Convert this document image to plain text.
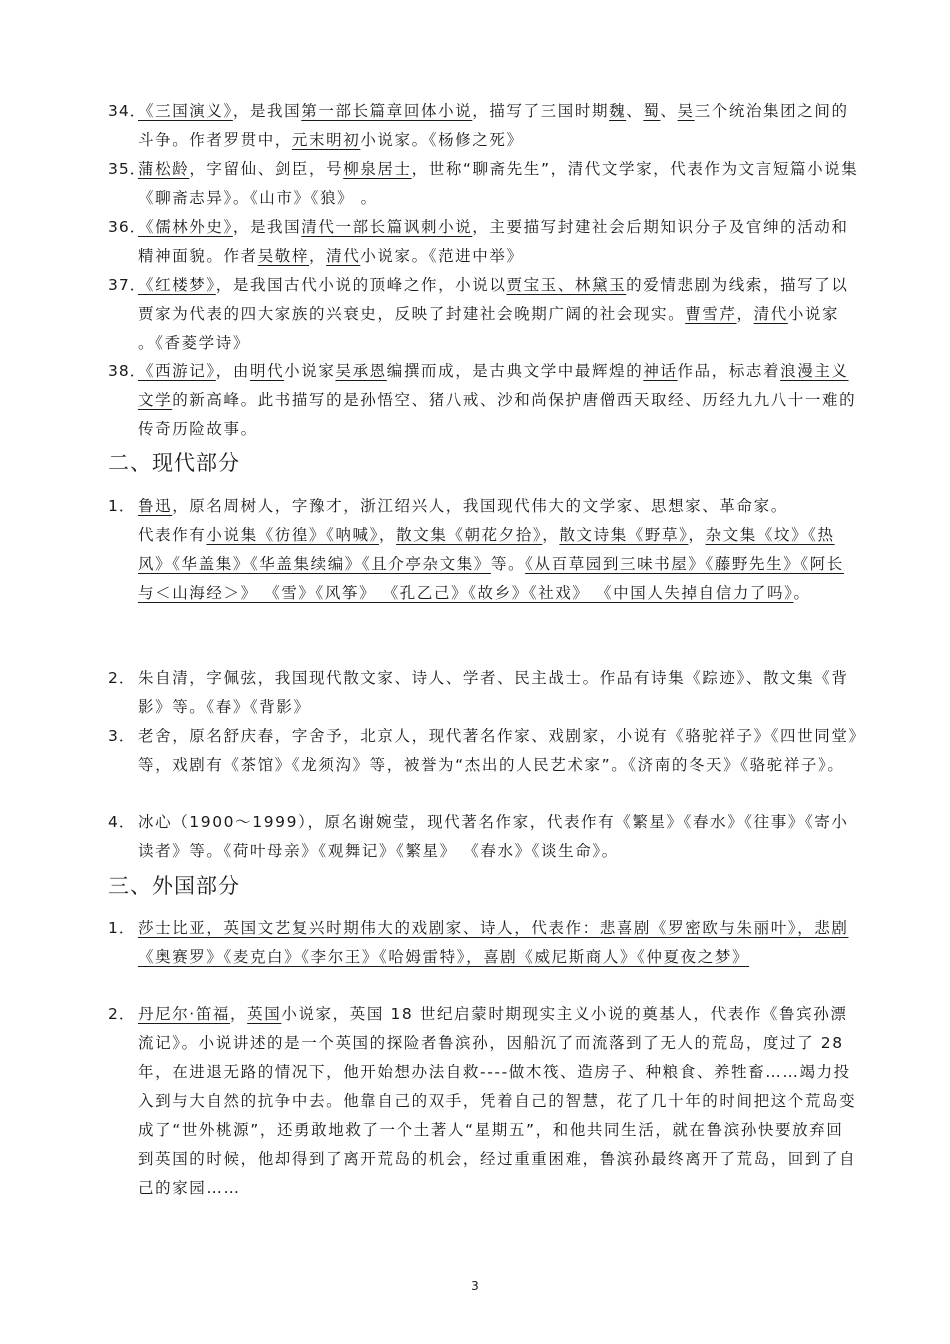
34．
《三国演义》，是我国第一部长篇章回体小说，描写了三国时期魏、蜀、吴三个统治集团之间的斗争。作者罗贯中，元末明初小说家。《杨修之死》
35．
蒲松龄，字留仙、剑臣，号柳泉居士，世称“聊斋先生”，清代文学家，代表作为文言短篇小说集《聊斋志异》。《山市》《狼》 。
36．
《儒林外史》，是我国清代一部长篇讽刺小说，主要描写封建社会后期知识分子及官绅的活动和精神面貌。作者吴敬梓，清代小说家。《范进中举》
37．
《红楼梦》，是我国古代小说的顶峰之作，小说以贾宝玉、林黛玉的爱情悲剧为线索，描写了以贾家为代表的四大家族的兴衰史，反映了封建社会晚期广阔的社会现实。曹雪芹，清代小说家 。《香菱学诗》
38．
《西游记》，由明代小说家吴承恩编撰而成，是古典文学中最辉煌的神话作品，标志着浪漫主义文学的新高峰。此书描写的是孙悟空、猪八戒、沙和尚保护唐僧西天取经、历经九九八十一难的传奇历险故事。
二、现代部分
1． 鲁迅，原名周树人，字豫才，浙江绍兴人，我国现代伟大的文学家、思想家、革命家。
代表作有小说集《彷徨》《呐喊》，散文集《朝花夕拾》，散文诗集《野草》，杂文集《坟》《热风》《华盖集》《华盖集续编》《且介亭杂文集》等。《从百草园到三味书屋》《藤野先生》《阿长与＜山海经＞》 《雪》《风筝》 《孔乙己》《故乡》《社戏》 《中国人失掉自信力了吗》。
2． 朱自清，字佩弦，我国现代散文家、诗人、学者、民主战士。作品有诗集《踪迹》、散文集《背影》等。《春》《背影》
3． 老舍，原名舒庆春，字舍予，北京人，现代著名作家、戏剧家，小说有《骆驼祥子》《四世同堂》等，戏剧有《茶馆》《龙须沟》等，被誉为“杰出的人民艺术家”。《济南的冬天》《骆驼祥子》。
4． 冰心（1900～1999），原名谢婉莹，现代著名作家，代表作有《繁星》《春水》《往事》《寄小读者》等。《荷叶母亲》《观舞记》《繁星》 《春水》《谈生命》。
三、外国部分
1． 莎士比亚，英国文艺复兴时期伟大的戏剧家、诗人，代表作：悲喜剧《罗密欧与朱丽叶》，悲剧《奥赛罗》《麦克白》《李尔王》《哈姆雷特》，喜剧《威尼斯商人》《仲夏夜之梦》
2． 丹尼尔·笛福，英国小说家，英国 18 世纪启蒙时期现实主义小说的奠基人，代表作《鲁宾孙漂流记》。小说讲述的是一个英国的探险者鲁滨孙，因船沉了而流落到了无人的荒岛，度过了 28 年，在进退无路的情况下，他开始想办法自救----做木筏、造房子、种粮食、养牲畜……竭力投入到与大自然的抗争中去。他靠自己的双手，凭着自己的智慧，花了几十年的时间把这个荒岛变成了“世外桃源”，还勇敢地救了一个土著人“星期五”，和他共同生活，就在鲁滨孙快要放弃回到英国的时候，他却得到了离开荒岛的机会，经过重重困难，鲁滨孙最终离开了荒岛，回到了自己的家园……
3
